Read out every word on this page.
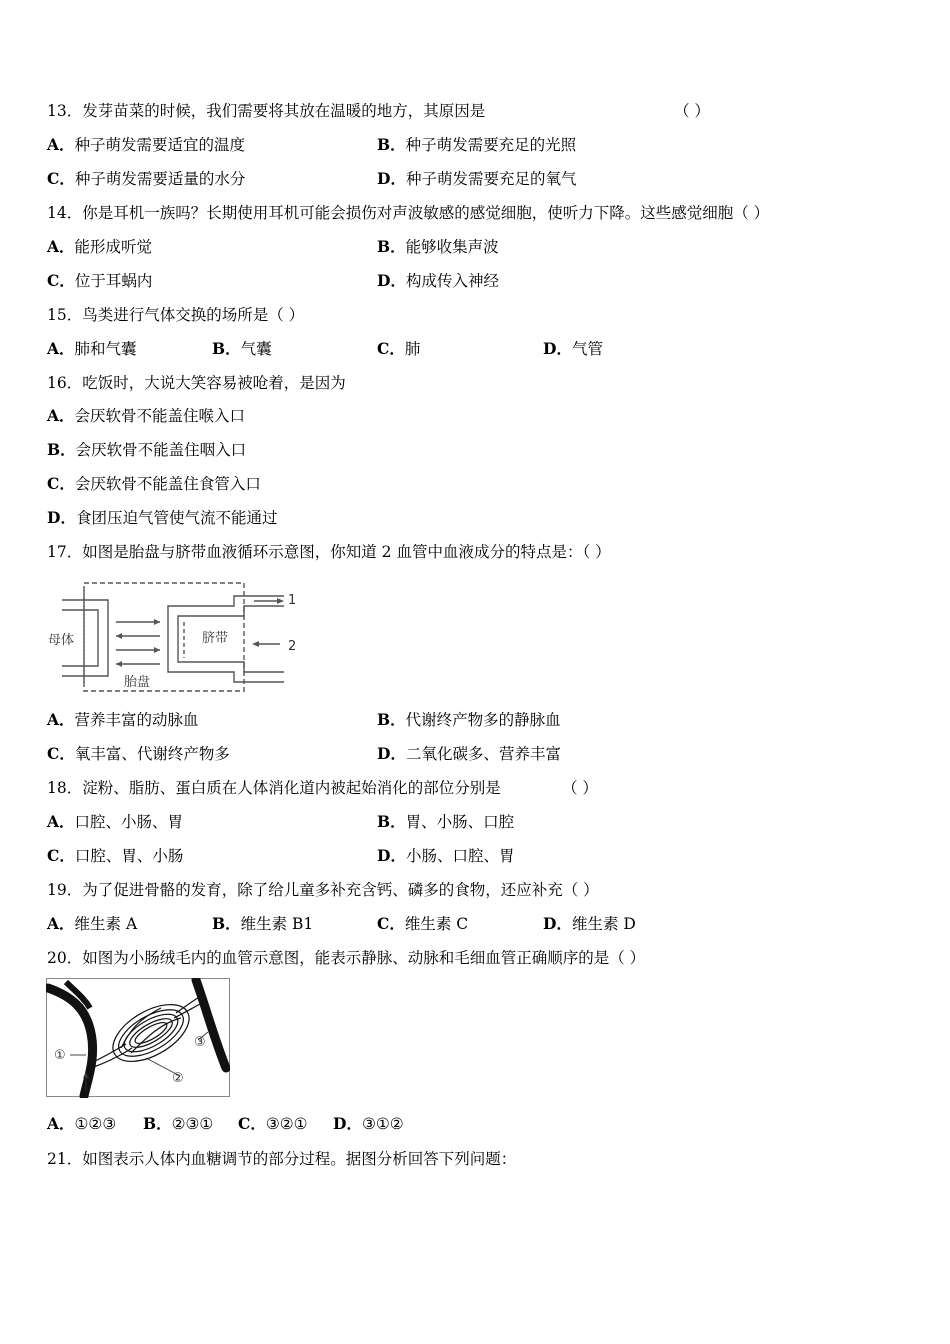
13．发芽苗菜的时候，我们需要将其放在温暖的地方，其原因是	（ ）
A．种子萌发需要适宜的温度	B．种子萌发需要充足的光照
C．种子萌发需要适量的水分	D．种子萌发需要充足的氧气
14．你是耳机一族吗？长期使用耳机可能会损伤对声波敏感的感觉细胞，使听力下降。这些感觉细胞（ ）
A．能形成听觉	B．能够收集声波
C．位于耳蜗内	D．构成传入神经
15．鸟类进行气体交换的场所是（ ）
A．肺和气囊	B．气囊	C．肺	D．气管
16．吃饭时，大说大笑容易被呛着，是因为
A．会厌软骨不能盖住喉入口
B．会厌软骨不能盖住咽入口
C．会厌软骨不能盖住食管入口
D．食团压迫气管使气流不能通过
17．如图是胎盘与脐带血液循环示意图，你知道 2 血管中血液成分的特点是：（ ）
母体	脐带
胎盘
1
2
A．营养丰富的动脉血	B．代谢终产物多的静脉血
C．氧丰富、代谢终产物多	D．二氧化碳多、营养丰富
18．淀粉、脂肪、蛋白质在人体消化道内被起始消化的部位分别是	（ ）
A．口腔、小肠、胃	B．胃、小肠、口腔
C．口腔、胃、小肠	D．小肠、口腔、胃
19．为了促进骨骼的发育，除了给儿童多补充含钙、磷多的食物，还应补充（ ）
A．维生素 A	B．维生素 B1	C．维生素 C	D．维生素 D
20．如图为小肠绒毛内的血管示意图，能表示静脉、动脉和毛细血管正确顺序的是（ ）
①
②
③
A．①②③ B．②③① C．③②① D．③①②
21．如图表示人体内血糖调节的部分过程。据图分析回答下列问题：
